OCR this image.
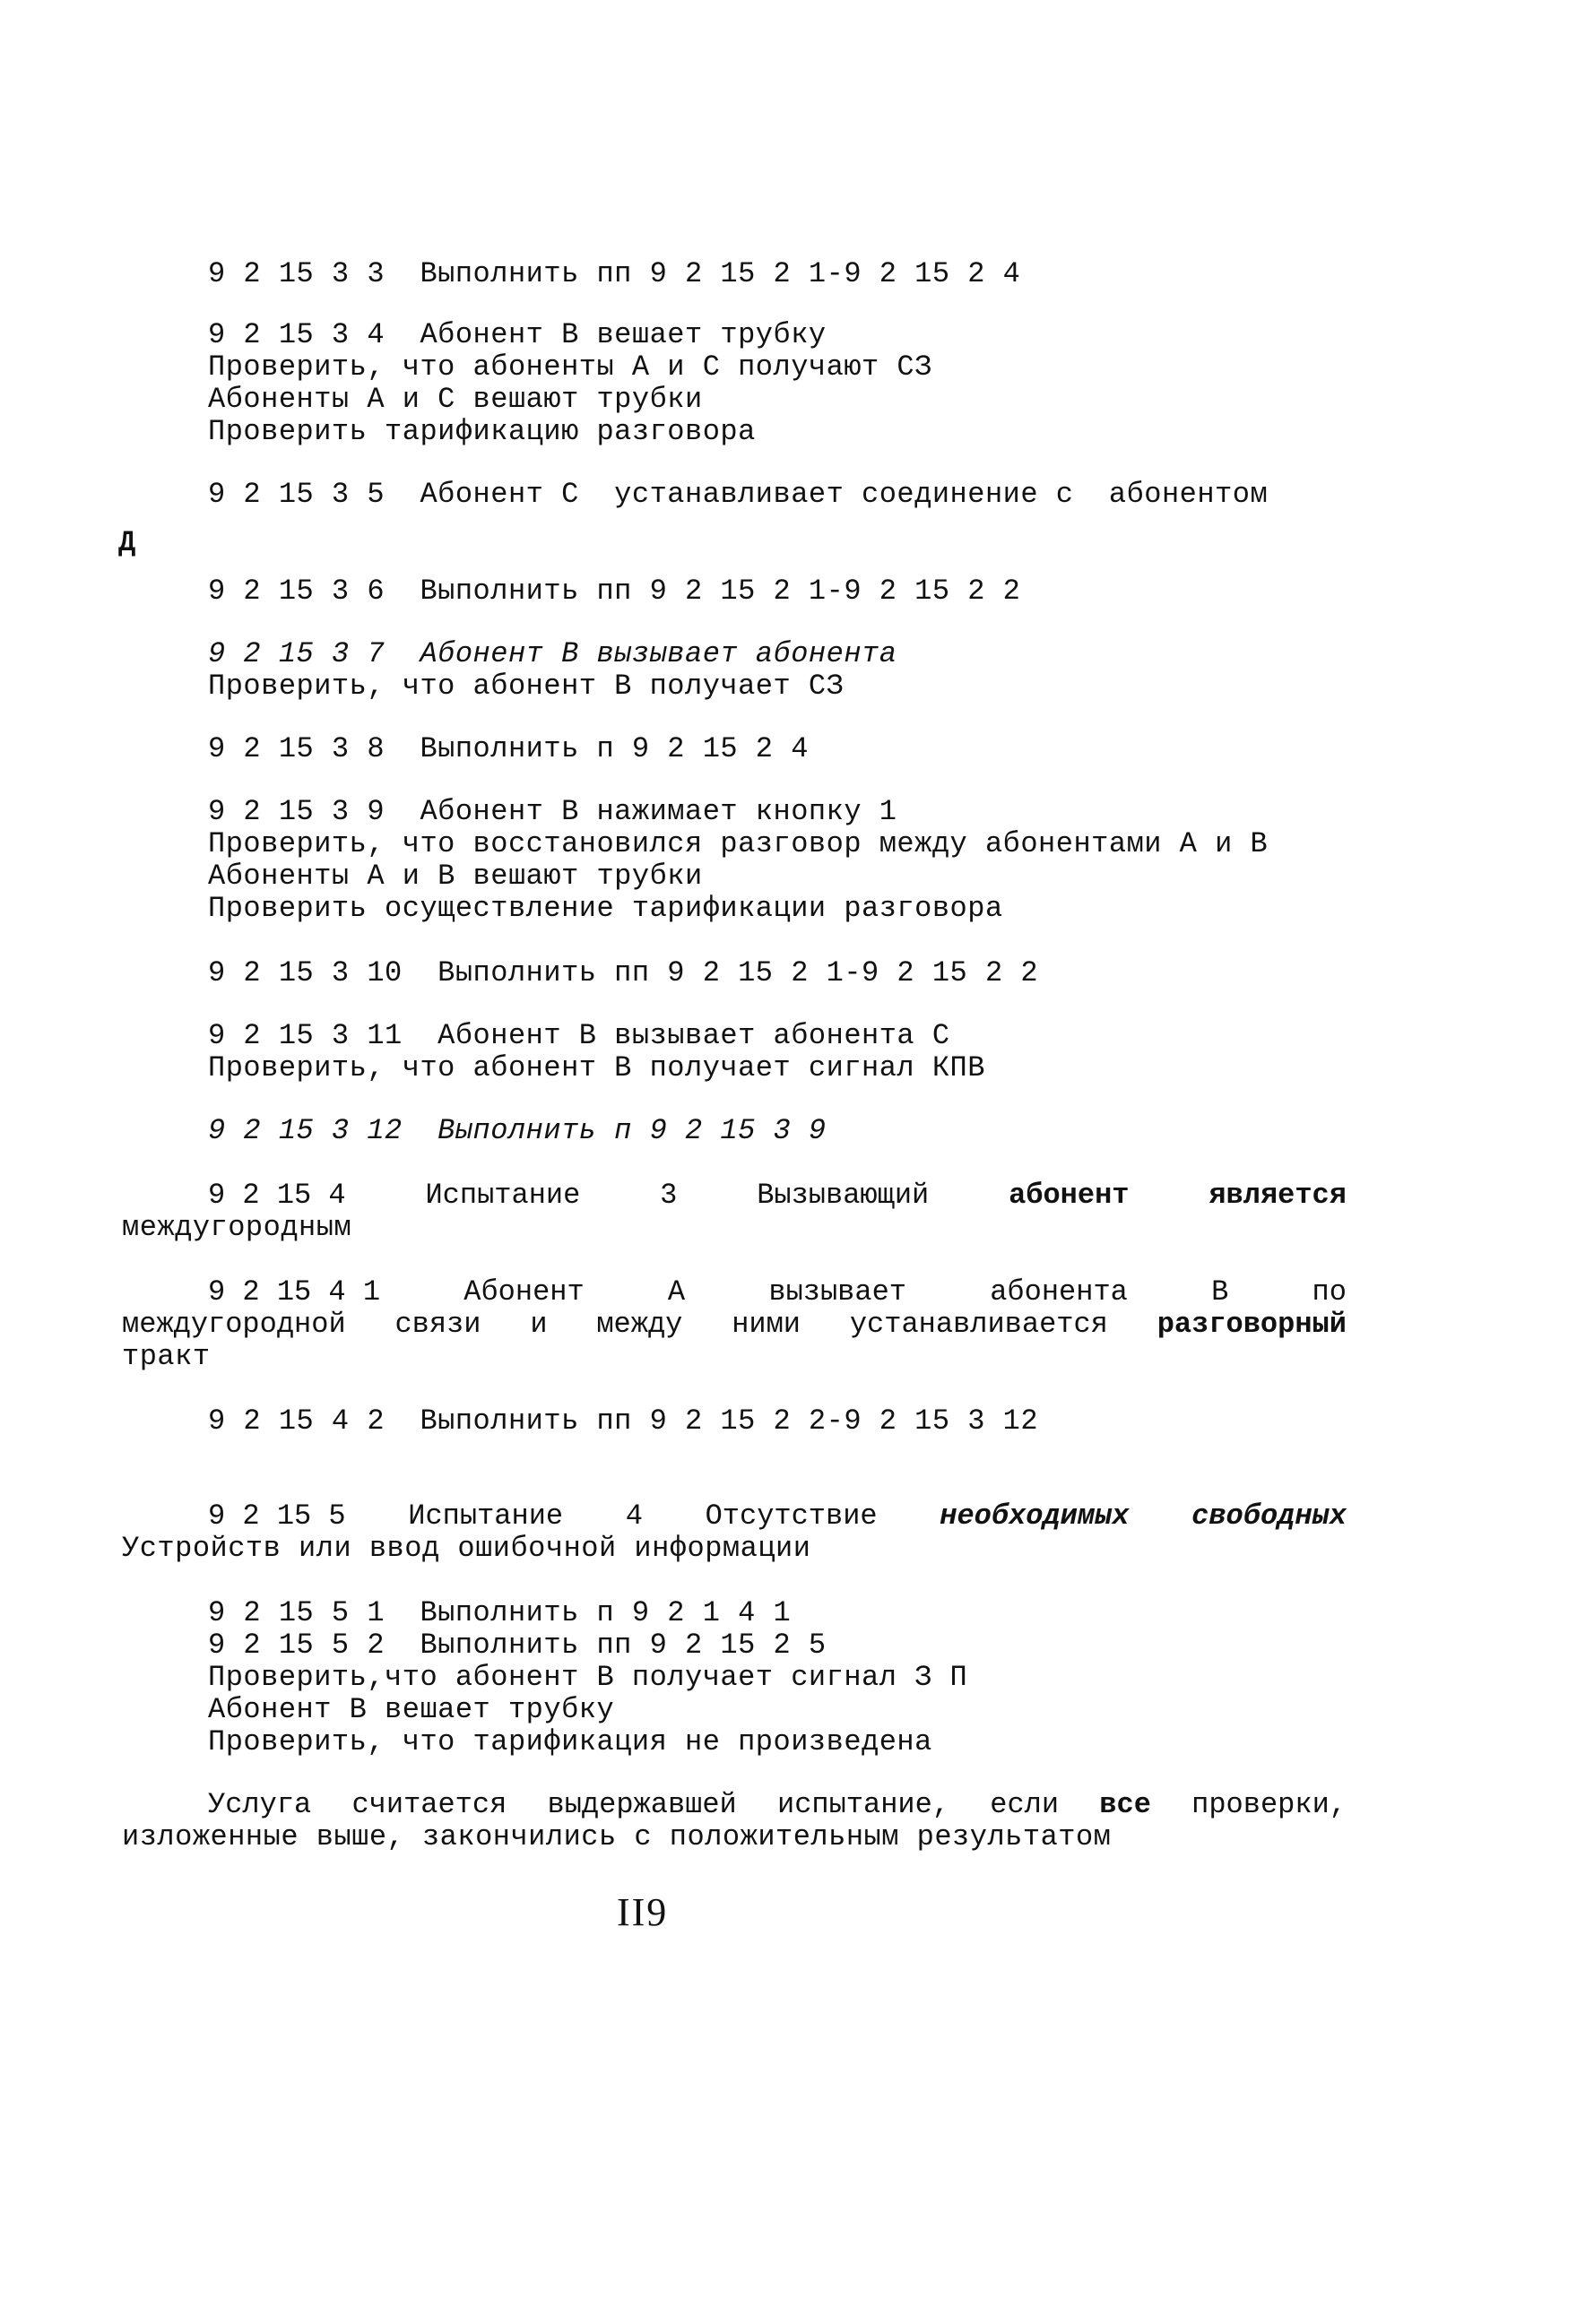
9 2 15 3 3  Выполнить пп 9 2 15 2 1-9 2 15 2 4
9 2 15 3 4  Абонент В вешает трубку
Проверить, что абоненты А и С получают СЗ
Абоненты А и С вешают трубки
Проверить тарификацию разговора
9 2 15 3 5  Абонент С  устанавливает соединение с  абонентом
Д
9 2 15 3 6  Выполнить пп 9 2 15 2 1-9 2 15 2 2
9 2 15 3 7  Абонент В вызывает абонента
Проверить, что абонент В получает СЗ
9 2 15 3 8  Выполнить п 9 2 15 2 4
9 2 15 3 9  Абонент В нажимает кнопку 1
Проверить, что восстановился разговор между абонентами А и В
Абоненты А и В вешают трубки
Проверить осуществление тарификации разговора
9 2 15 3 10  Выполнить пп 9 2 15 2 1-9 2 15 2 2
9 2 15 3 11  Абонент В вызывает абонента С
Проверить, что абонент В получает сигнал КПВ
9 2 15 3 12  Выполнить п 9 2 15 3 9
9 2 15 4	Испытание	3	Вызывающий	абонент	является
междугородным
9 2 15 4 1	Абонент	А	вызывает	абонента	В	по
междугородной связи и между ними устанавливается разговорный
тракт
9 2 15 4 2  Выполнить пп 9 2 15 2 2-9 2 15 3 12
9 2 15 5 Испытание 4 Отсутствие необходимых свободных
Устройств или ввод ошибочной информации
9 2 15 5 1  Выполнить п 9 2 1 4 1
9 2 15 5 2  Выполнить пп 9 2 15 2 5
Проверить,что абонент В получает сигнал З П
Абонент В вешает трубку
Проверить, что тарификация не произведена
Услуга считается выдержавшей испытание, если все проверки,
изложенные выше, закончились с положительным результатом
II9
